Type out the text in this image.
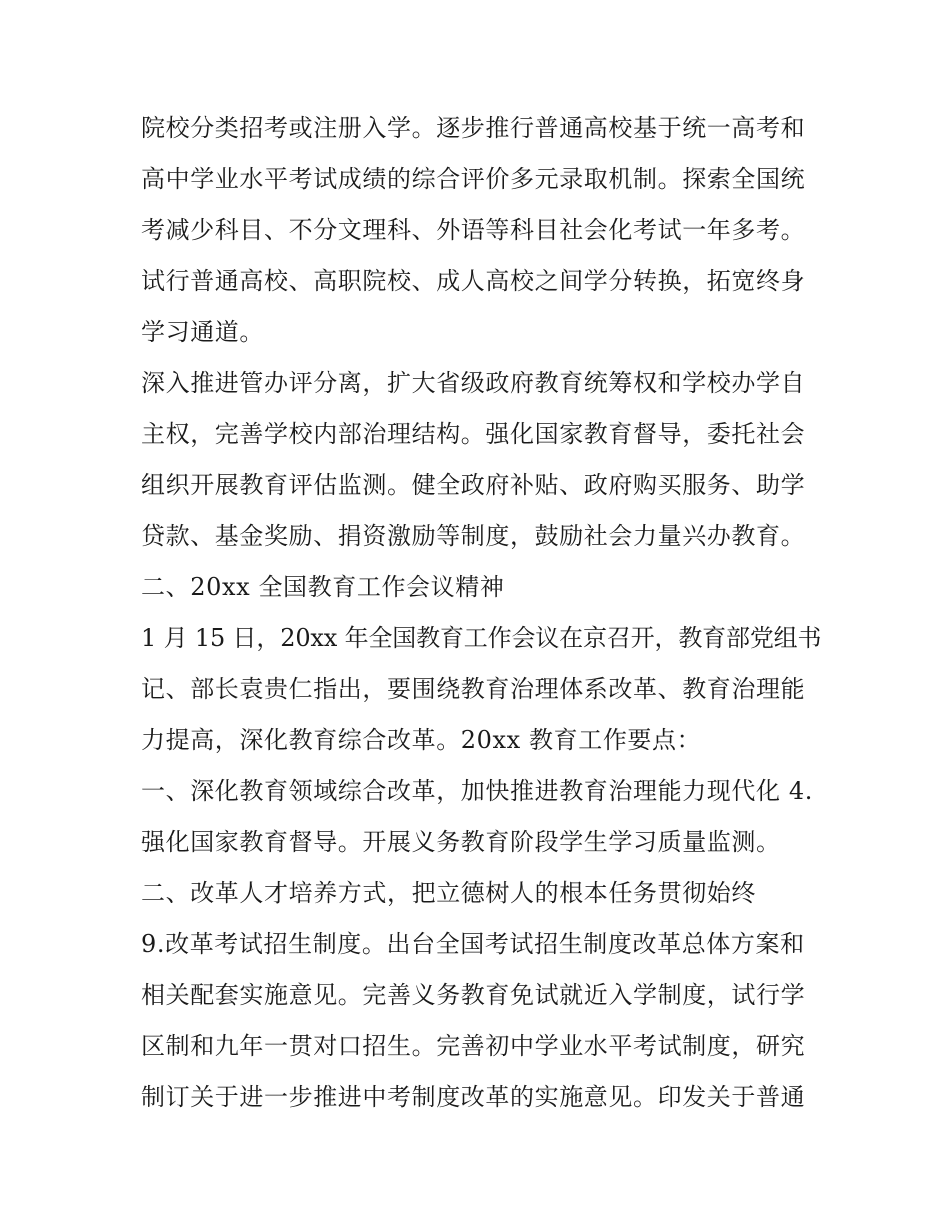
院校分类招考或注册入学。逐步推行普通高校基于统一高考和
高中学业水平考试成绩的综合评价多元录取机制。探索全国统
考减少科目、不分文理科、外语等科目社会化考试一年多考。
试行普通高校、高职院校、成人高校之间学分转换，拓宽终身
学习通道。
深入推进管办评分离，扩大省级政府教育统筹权和学校办学自
主权，完善学校内部治理结构。强化国家教育督导，委托社会
组织开展教育评估监测。健全政府补贴、政府购买服务、助学
贷款、基金奖励、捐资激励等制度，鼓励社会力量兴办教育。
二、20xx 全国教育工作会议精神
1 月 15 日，20xx 年全国教育工作会议在京召开，教育部党组书
记、部长袁贵仁指出，要围绕教育治理体系改革、教育治理能
力提高，深化教育综合改革。20xx 教育工作要点：
一、深化教育领域综合改革，加快推进教育治理能力现代化 4.
强化国家教育督导。开展义务教育阶段学生学习质量监测。
二、改革人才培养方式，把立德树人的根本任务贯彻始终
9.改革考试招生制度。出台全国考试招生制度改革总体方案和
相关配套实施意见。完善义务教育免试就近入学制度，试行学
区制和九年一贯对口招生。完善初中学业水平考试制度，研究
制订关于进一步推进中考制度改革的实施意见。印发关于普通
